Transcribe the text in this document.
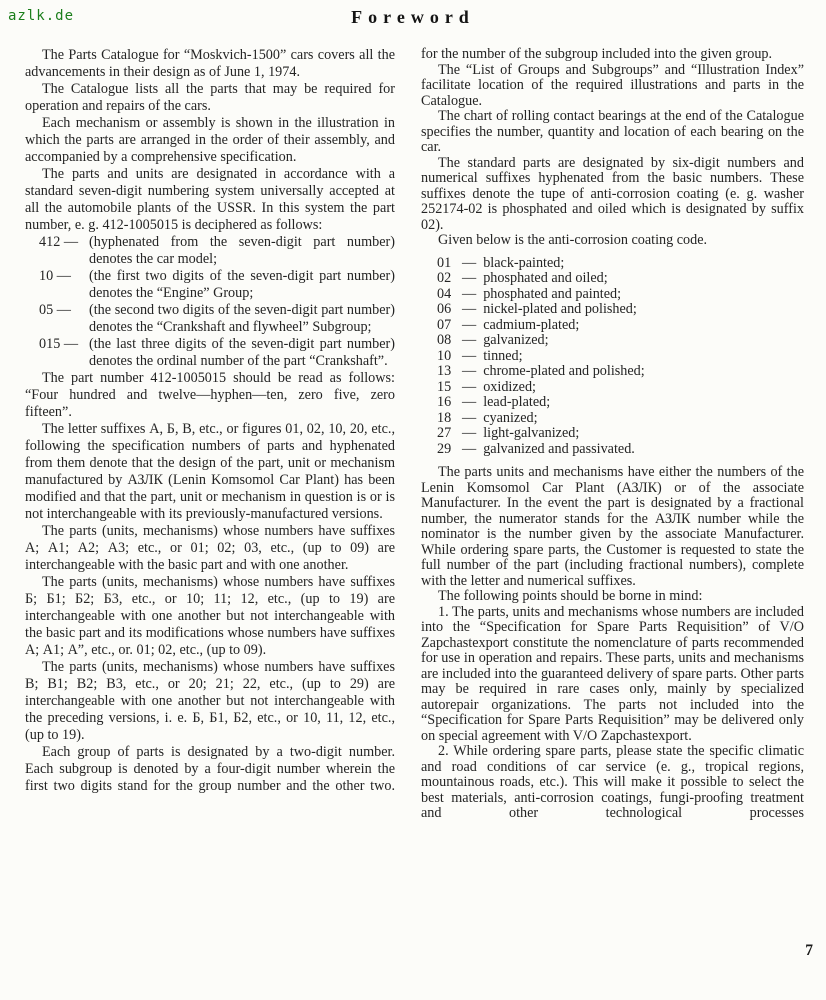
azlk.de	Foreword

The Parts Catalogue for “Moskvich-1500” cars covers all the advancements in their design as of June 1, 1974.

The Catalogue lists all the parts that may be required for operation and repairs of the cars.

Each mechanism or assembly is shown in the illustration in which the parts are arranged in the order of their assembly, and accompanied by a comprehensive specification.

The parts and units are designated in accordance with a standard seven-digit numbering system universally accepted at all the automobile plants of the USSR. In this system the part number, e. g. 412-1005015 is deciphered as follows:

412 — (hyphenated from the seven-digit part number) denotes the car model;
10 —	(the first two digits of the seven-digit part number) denotes the “Engine” Group;
05 —	(the second two digits of the seven-digit part number) denotes the “Crankshaft and flywheel” Subgroup;
015 — (the last three digits of the seven-digit part number) denotes the ordinal number of the part “Crankshaft”.

The part number 412-1005015 should be read as follows: “Four hundred and twelve—hyphen—ten, zero five, zero fifteen”.

The letter suffixes А, Б, В, etc., or figures 01, 02, 10, 20, etc., following the specification numbers of parts and hyphenated from them denote that the design of the part, unit or mechanism manufactured by АЗЛК (Lenin Komsomol Car Plant) has been modified and that the part, unit or mechanism in question is or is not interchangeable with its previously-manufactured versions.

The parts (units, mechanisms) whose numbers have suffixes А; А1; А2; А3; etc., or 01; 02; 03, etc., (up to 09) are interchangeable with the basic part and with one another.

The parts (units, mechanisms) whose numbers have suffixes Б; Б1; Б2; Б3, etc., or 10; 11; 12, etc., (up to 19) are interchangeable with one another but not interchangeable with the basic part and its modifications whose numbers have suffixes А; А1; А”, etc., or. 01; 02, etc., (up to 09).

The parts (units, mechanisms) whose numbers have suffixes В; В1; В2; В3, etc., or 20; 21; 22, etc., (up to 29) are interchangeable with one another but not interchangeable with the preceding versions, i. e. Б, Б1, Б2, etc., or 10, 11, 12, etc., (up to 19).

Each group of parts is designated by a two-digit number. Each subgroup is denoted by a four-digit number wherein the first two digits stand for the group number and the other two.

for the number of the subgroup included into the given group.

The “List of Groups and Subgroups” and “Illustration Index” facilitate location of the required illustrations and parts in the Catalogue.

The chart of rolling contact bearings at the end of the Catalogue specifies the number, quantity and location of each bearing on the car.

The standard parts are designated by six-digit numbers and numerical suffixes hyphenated from the basic numbers. These suffixes denote the tupe of anti-corrosion coating (e. g. washer 252174-02 is phosphated and oiled which is designated by suffix 02).

Given below is the anti-corrosion coating code.

01 — black-painted;
02 — phosphated and oiled;
04 — phosphated and painted;
06 — nickel-plated and polished;
07 — cadmium-plated;
08 — galvanized;
10 — tinned;
13 — chrome-plated and polished;
15 — oxidized;
16 — lead-plated;
18 — cyanized;
27 — light-galvanized;
29 — galvanized and passivated.

The parts units and mechanisms have either the numbers of the Lenin Komsomol Car Plant (АЗЛК) or of the associate Manufacturer. In the event the part is designated by a fractional number, the numerator stands for the АЗЛК number while the nominator is the number given by the associate Manufacturer. While ordering spare parts, the Customer is requested to state the full number of the part (including fractional numbers), complete with the letter and numerical suffixes.

The following points should be borne in mind:

1. The parts, units and mechanisms whose numbers are included into the “Specification for Spare Parts Requisition” of V/O Zapchastexport constitute the nomenclature of parts recommended for use in operation and repairs. These parts, units and mechanisms are included into the guaranteed delivery of spare parts. Other parts may be required in rare cases only, mainly by specialized autorepair organizations. The parts not included into the “Specification for Spare Parts Requisition” may be delivered only on special agreement with V/O Zapchastexport.

2. While ordering spare parts, please state the specific climatic and road conditions of car service (e. g., tropical regions, mountainous roads, etc.). This will make it possible to select the best materials, anti-corrosion coatings, fungi-proofing treatment and other technological processes

7
